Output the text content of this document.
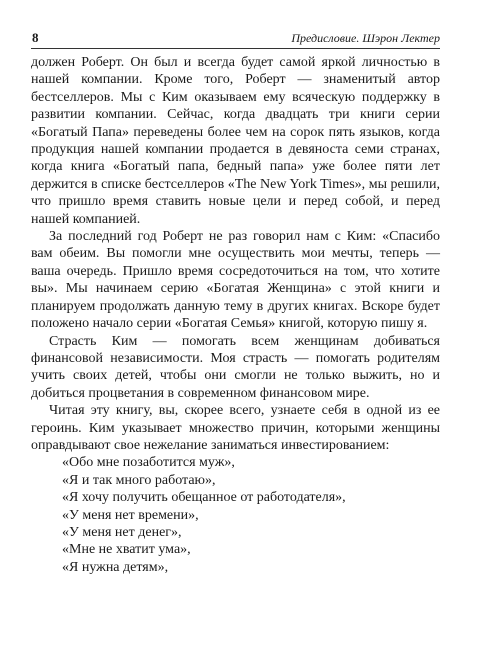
8	Предисловие. Шэрон Лектер

должен Роберт. Он был и всегда будет самой яркой личностью в нашей компании. Кроме того, Роберт — знаменитый автор бестселлеров. Мы с Ким оказываем ему всяческую поддержку в развитии компании. Сейчас, когда двадцать три книги серии «Богатый Папа» переведены более чем на сорок пять языков, когда продукция нашей компании продается в девяноста семи странах, когда книга «Богатый папа, бедный папа» уже более пяти лет держится в списке бестселлеров «The New York Times», мы решили, что пришло время ставить новые цели и перед собой, и перед нашей компанией.

За последний год Роберт не раз говорил нам с Ким: «Спасибо вам обеим. Вы помогли мне осуществить мои мечты, теперь — ваша очередь. Пришло время сосредоточиться на том, что хотите вы». Мы начинаем серию «Богатая Женщина» с этой книги и планируем продолжать данную тему в других книгах. Вскоре будет положено начало серии «Богатая Семья» книгой, которую пишу я.

Страсть Ким — помогать всем женщинам добиваться финансовой независимости. Моя страсть — помогать родителям учить своих детей, чтобы они смогли не только выжить, но и добиться процветания в современном финансовом мире.

Читая эту книгу, вы, скорее всего, узнаете себя в одной из ее героинь. Ким указывает множество причин, которыми женщины оправдывают свое нежелание заниматься инвестированием:

«Обо мне позаботится муж»,
«Я и так много работаю»,
«Я хочу получить обещанное от работодателя»,
«У меня нет времени»,
«У меня нет денег»,
«Мне не хватит ума»,
«Я нужна детям»,
